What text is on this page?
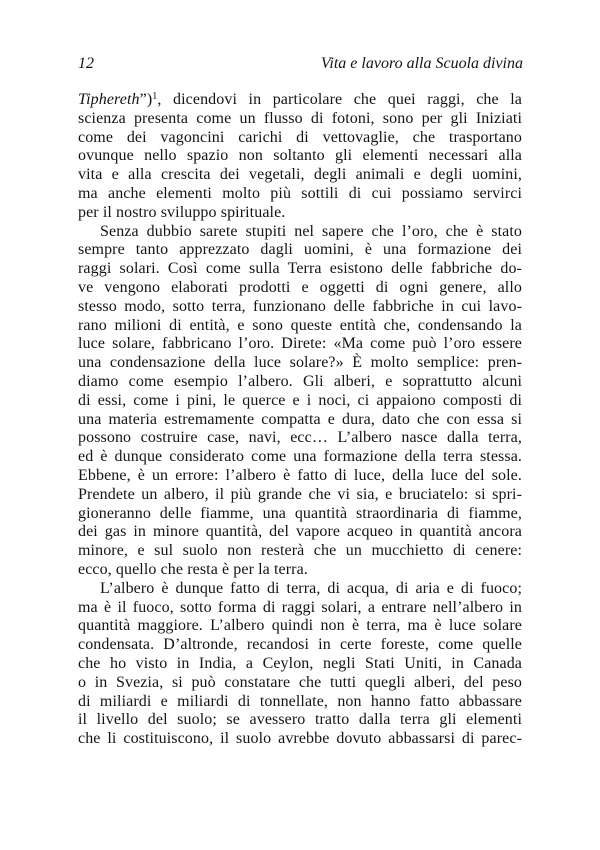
12	Vita e lavoro alla Scuola divina
Tiphereth”)$^1$, dicendovi in particolare che quei raggi, che la
scienza presenta come un flusso di fotoni, sono per gli Iniziati
come dei vagoncini carichi di vettovaglie, che trasportano
ovunque nello spazio non soltanto gli elementi necessari alla
vita e alla crescita dei vegetali, degli animali e degli uomini,
ma anche elementi molto più sottili di cui possiamo servirci
per il nostro sviluppo spirituale.
Senza dubbio sarete stupiti nel sapere che l’oro, che è stato
sempre tanto apprezzato dagli uomini, è una formazione dei
raggi solari. Così come sulla Terra esistono delle fabbriche do-
ve vengono elaborati prodotti e oggetti di ogni genere, allo
stesso modo, sotto terra, funzionano delle fabbriche in cui lavo-
rano milioni di entità, e sono queste entità che, condensando la
luce solare, fabbricano l’oro. Direte: «Ma come può l’oro essere
una condensazione della luce solare?» È molto semplice: pren-
diamo come esempio l’albero. Gli alberi, e soprattutto alcuni
di essi, come i pini, le querce e i noci, ci appaiono composti di
una materia estremamente compatta e dura, dato che con essa si
possono costruire case, navi, ecc… L’albero nasce dalla terra,
ed è dunque considerato come una formazione della terra stessa.
Ebbene, è un errore: l’albero è fatto di luce, della luce del sole.
Prendete un albero, il più grande che vi sia, e bruciatelo: si spri-
gioneranno delle fiamme, una quantità straordinaria di fiamme,
dei gas in minore quantità, del vapore acqueo in quantità ancora
minore, e sul suolo non resterà che un mucchietto di cenere:
ecco, quello che resta è per la terra.
L’albero è dunque fatto di terra, di acqua, di aria e di fuoco;
ma è il fuoco, sotto forma di raggi solari, a entrare nell’albero in
quantità maggiore. L’albero quindi non è terra, ma è luce solare
condensata. D’altronde, recandosi in certe foreste, come quelle
che ho visto in India, a Ceylon, negli Stati Uniti, in Canada
o in Svezia, si può constatare che tutti quegli alberi, del peso
di miliardi e miliardi di tonnellate, non hanno fatto abbassare
il livello del suolo; se avessero tratto dalla terra gli elementi
che li costituiscono, il suolo avrebbe dovuto abbassarsi di parec-
